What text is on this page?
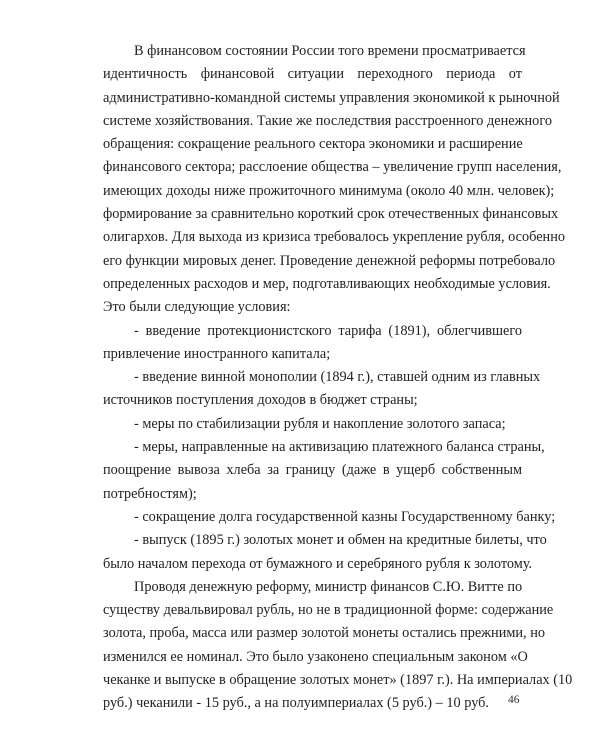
В финансовом состоянии России того времени просматривается
идентичность финансовой ситуации переходного периода от
административно-командной системы управления экономикой к рыночной
системе хозяйствования. Такие же последствия расстроенного денежного
обращения: сокращение реального сектора экономики и расширение
финансового сектора; расслоение общества – увеличение групп населения,
имеющих доходы ниже прожиточного минимума (около 40 млн. человек);
формирование за сравнительно короткий срок отечественных финансовых
олигархов. Для выхода из кризиса требовалось укрепление рубля, особенно
его функции мировых денег. Проведение денежной реформы потребовало
определенных расходов и мер, подготавливающих необходимые условия.
Это были следующие условия:
- введение протекционистского тарифа (1891), облегчившего
привлечение иностранного капитала;
- введение винной монополии (1894 г.), ставшей одним из главных
источников поступления доходов в бюджет страны;
- меры по стабилизации рубля и накопление золотого запаса;
- меры, направленные на активизацию платежного баланса страны,
поощрение вывоза хлеба за границу (даже в ущерб собственным
потребностям);
- сокращение долга государственной казны Государственному банку;
- выпуск (1895 г.) золотых монет и обмен на кредитные билеты, что
было началом перехода от бумажного и серебряного рубля к золотому.
Проводя денежную реформу, министр финансов С.Ю. Витте по
существу девальвировал рубль, но не в традиционной форме: содержание
золота, проба, масса или размер золотой монеты остались прежними, но
изменился ее номинал. Это было узаконено специальным законом «О
чеканке и выпуске в обращение золотых монет» (1897 г.). На империалах (10
руб.) чеканили - 15 руб., а на полуимпериалах (5 руб.) – 10 руб.	46
